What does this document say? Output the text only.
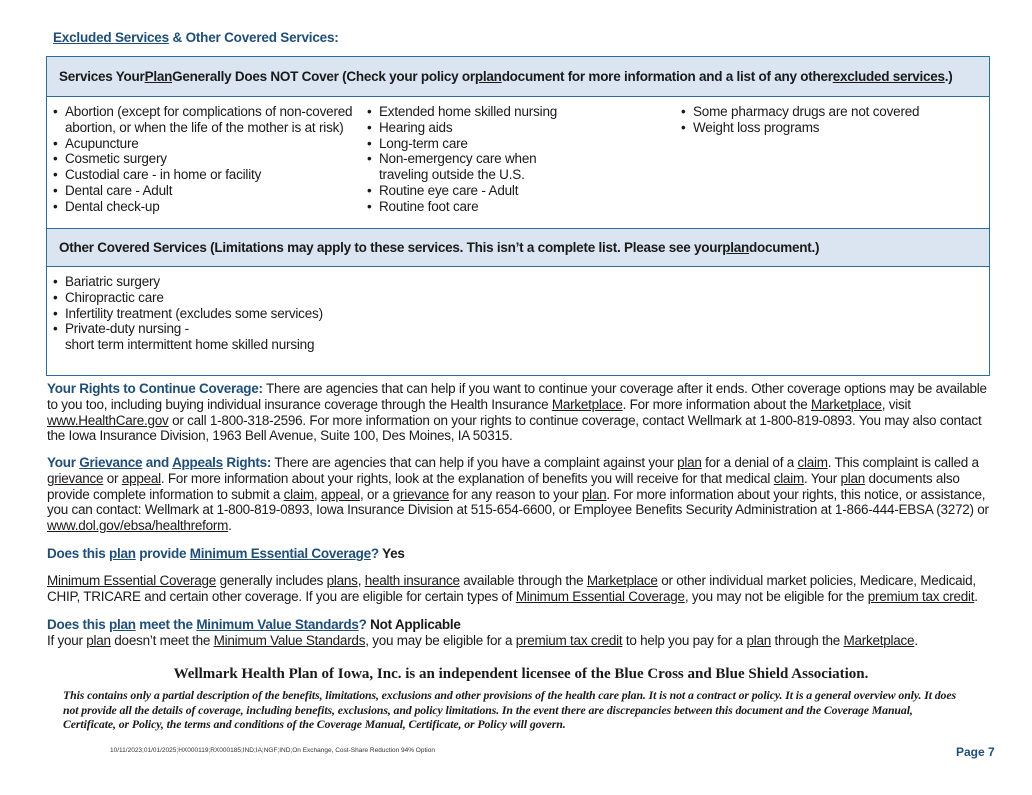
Excluded Services & Other Covered Services:
Services Your Plan Generally Does NOT Cover (Check your policy or plan document for more information and a list of any other excluded services .)
• Abortion (except for complications of non-covered
abortion, or when the life of the mother is at risk)
• Acupuncture
• Cosmetic surgery
• Custodial care - in home or facility
• Dental care - Adult
• Dental check-up
• Extended home skilled nursing
• Hearing aids
• Long-term care
• Non-emergency care when
traveling outside the U.S.
• Routine eye care - Adult
• Routine foot care
• Some pharmacy drugs are not covered
• Weight loss programs
Other Covered Services (Limitations may apply to these services. This isn’t a complete list. Please see your plan document.)
• Bariatric surgery
• Chiropractic care
• Infertility treatment (excludes some services)
• Private-duty nursing -
short term intermittent home skilled nursing
Your Rights to Continue Coverage: There are agencies that can help if you want to continue your coverage after it ends. Other coverage options may be available to you too, including buying individual insurance coverage through the Health Insurance Marketplace. For more information about the Marketplace, visit www.HealthCare.gov or call 1-800-318-2596. For more information on your rights to continue coverage, contact Wellmark at 1-800-819-0893. You may also contact the Iowa Insurance Division, 1963 Bell Avenue, Suite 100, Des Moines, IA 50315.
Your Grievance and Appeals Rights: There are agencies that can help if you have a complaint against your plan for a denial of a claim. This complaint is called a grievance or appeal. For more information about your rights, look at the explanation of benefits you will receive for that medical claim. Your plan documents also provide complete information to submit a claim, appeal, or a grievance for any reason to your plan. For more information about your rights, this notice, or assistance, you can contact: Wellmark at 1-800-819-0893, Iowa Insurance Division at 515-654-6600, or Employee Benefits Security Administration at 1-866-444-EBSA (3272) or www.dol.gov/ebsa/healthreform.
Does this plan provide Minimum Essential Coverage? Yes
Minimum Essential Coverage generally includes plans, health insurance available through the Marketplace or other individual market policies, Medicare, Medicaid, CHIP, TRICARE and certain other coverage. If you are eligible for certain types of Minimum Essential Coverage, you may not be eligible for the premium tax credit.
Does this plan meet the Minimum Value Standards? Not Applicable
If your plan doesn’t meet the Minimum Value Standards, you may be eligible for a premium tax credit to help you pay for a plan through the Marketplace.
Wellmark Health Plan of Iowa, Inc. is an independent licensee of the Blue Cross and Blue Shield Association.
This contains only a partial description of the benefits, limitations, exclusions and other provisions of the health care plan. It is not a contract or policy. It is a general overview only. It does not provide all the details of coverage, including benefits, exclusions, and policy limitations. In the event there are discrepancies between this document and the Coverage Manual, Certificate, or Policy, the terms and conditions of the Coverage Manual, Certificate, or Policy will govern.
10/11/2023;01/01/2025;HX000119;RX000185;IND;IA;NGF;IND;On Exchange, Cost-Share Reduction 94% Option	Page 7
